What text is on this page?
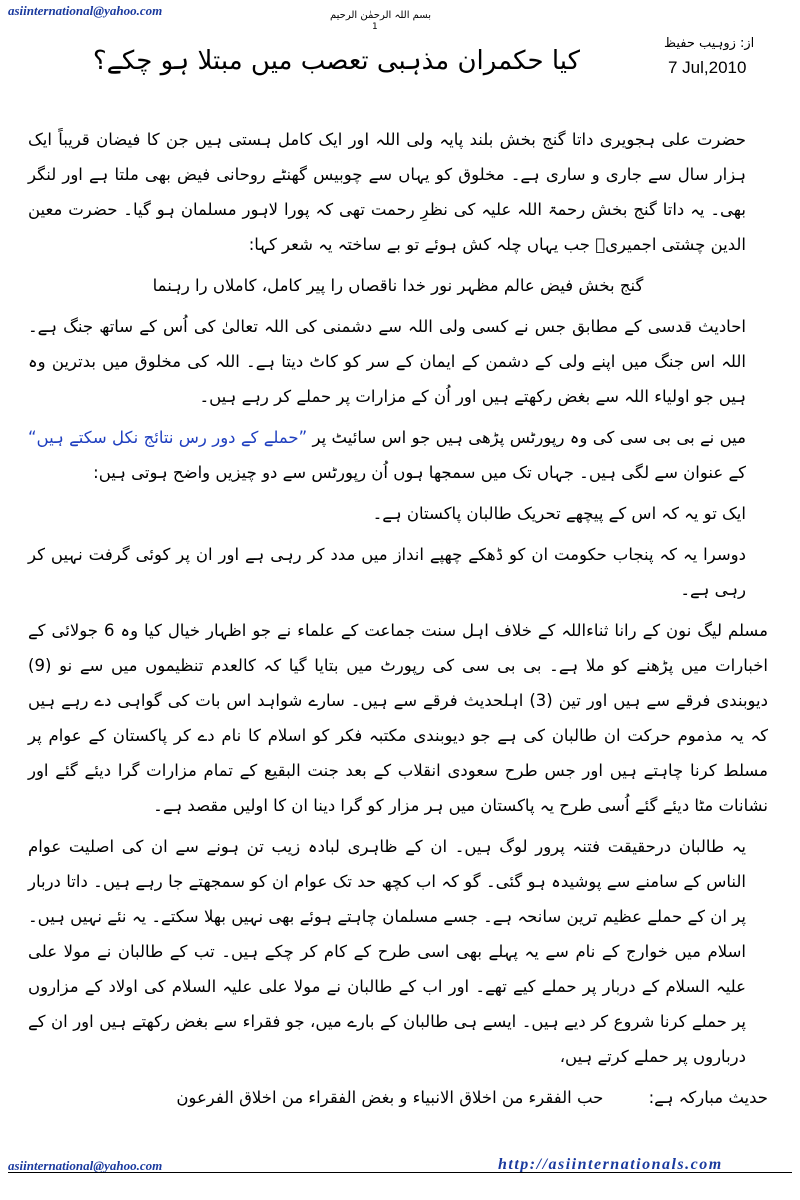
asiinternational@yahoo.com	بسم اللہ الرحمٰن الرحیم
1
از: زوہیب حفیظ
7 Jul,2010
کیا حکمران مذہبی تعصب میں مبتلا ہو چکے؟

حضرت علی ہجویری داتا گنج بخش بلند پایہ ولی اللہ اور ایک کامل ہستی ہیں جن کا فیضان قریباً ایک ہزار سال سے جاری و ساری ہے۔ مخلوق کو یہاں سے چوبیس گھنٹے روحانی فیض بھی ملتا ہے اور لنگر بھی۔ یہ داتا گنج بخش رحمۃ اللہ علیہ کی نظرِ رحمت تھی کہ پورا لاہور مسلمان ہو گیا۔ حضرت معین الدین چشتی اجمیریؒ جب یہاں چلہ کش ہوئے تو بے ساختہ یہ شعر کہا:

گنج بخش فیض عالم مظہر نور خدا ناقصاں را پیر کامل، کاملاں را رہنما

احادیث قدسی کے مطابق جس نے کسی ولی اللہ سے دشمنی کی اللہ تعالیٰ کی اُس کے ساتھ جنگ ہے۔ اللہ اس جنگ میں اپنے ولی کے دشمن کے ایمان کے سر کو کاٹ دیتا ہے۔ اللہ کی مخلوق میں بدترین وہ ہیں جو اولیاء اللہ سے بغض رکھتے ہیں اور اُن کے مزارات پر حملے کر رہے ہیں۔

میں نے بی بی سی کی وہ رپورٹس پڑھی ہیں جو اس سائیٹ پر ”حملے کے دور رس نتائج نکل سکتے ہیں“ کے عنوان سے لگی ہیں۔ جہاں تک میں سمجھا ہوں اُن رپورٹس سے دو چیزیں واضح ہوتی ہیں:

ایک تو یہ کہ اس کے پیچھے تحریک طالبان پاکستان ہے۔

دوسرا یہ کہ پنجاب حکومت ان کو ڈھکے چھپے انداز میں مدد کر رہی ہے اور ان پر کوئی گرفت نہیں کر رہی ہے۔

مسلم لیگ نون کے رانا ثناءاللہ کے خلاف اہل سنت جماعت کے علماء نے جو اظہار خیال کیا وہ 6 جولائی کے اخبارات میں پڑھنے کو ملا ہے۔ بی بی سی کی رپورٹ میں بتایا گیا کہ کالعدم تنظیموں میں سے نو (9) دیوبندی فرقے سے ہیں اور تین (3) اہلحدیث فرقے سے ہیں۔ سارے شواہد اس بات کی گواہی دے رہے ہیں کہ یہ مذموم حرکت ان طالبان کی ہے جو دیوبندی مکتبہ فکر کو اسلام کا نام دے کر پاکستان کے عوام پر مسلط کرنا چاہتے ہیں اور جس طرح سعودی انقلاب کے بعد جنت البقیع کے تمام مزارات گرا دیئے گئے اور نشانات مٹا دیئے گئے اُسی طرح یہ پاکستان میں ہر مزار کو گرا دینا ان کا اولیں مقصد ہے۔

یہ طالبان درحقیقت فتنہ پرور لوگ ہیں۔ ان کے ظاہری لبادہ زیب تن ہونے سے ان کی اصلیت عوام الناس کے سامنے سے پوشیدہ ہو گئی۔ گو کہ اب کچھ حد تک عوام ان کو سمجھتے جا رہے ہیں۔ داتا دربار پر ان کے حملے عظیم ترین سانحہ ہے۔ جسے مسلمان چاہتے ہوئے بھی نہیں بھلا سکتے۔ یہ نئے نہیں ہیں۔ اسلام میں خوارج کے نام سے یہ پہلے بھی اسی طرح کے کام کر چکے ہیں۔ تب کے طالبان نے مولا علی علیہ السلام کے دربار پر حملے کیے تھے۔ اور اب کے طالبان نے مولا علی علیہ السلام کی اولاد کے مزاروں پر حملے کرنا شروع کر دیے ہیں۔ ایسے ہی طالبان کے بارے میں، جو فقراء سے بغض رکھتے ہیں اور ان کے درباروں پر حملے کرتے ہیں،

حدیث مبارکہ ہے: حب الفقرء من اخلاق الانبیاء و بغض الفقراء من اخلاق الفرعون

asiinternational@yahoo.com	http://asiinternationals.com
